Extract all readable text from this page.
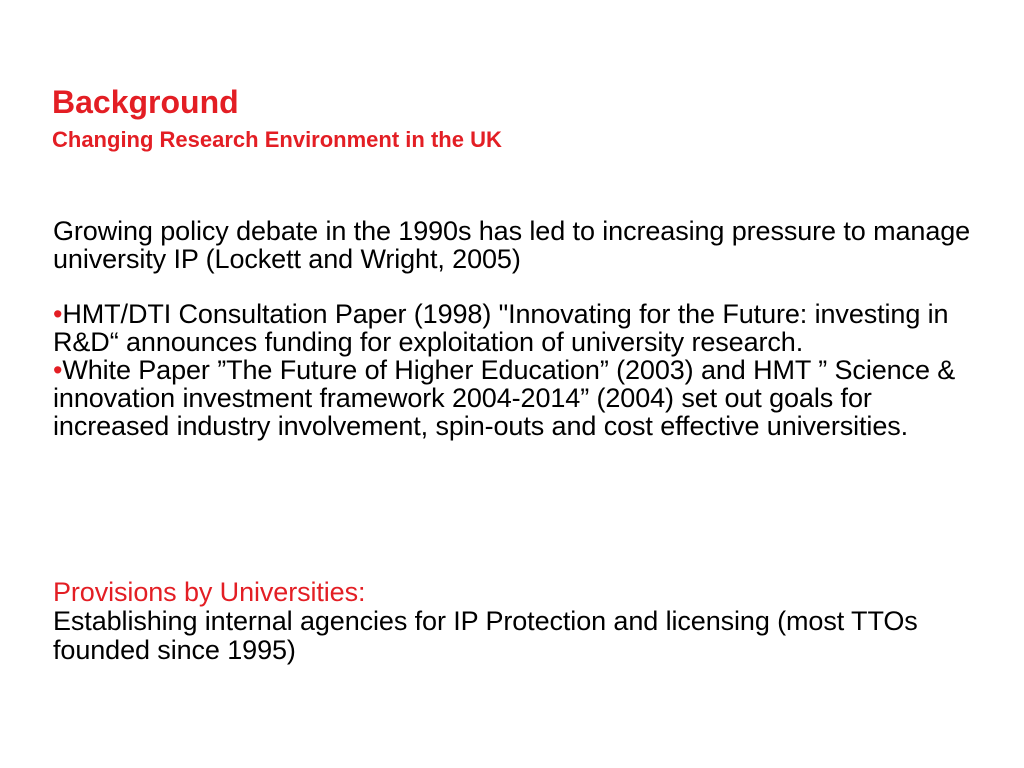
Background
Changing Research Environment in the UK

Growing policy debate in the 1990s has led to increasing pressure to manage university IP (Lockett and Wright, 2005)

•HMT/DTI Consultation Paper (1998) "Innovating for the Future: investing in R&D“ announces funding for exploitation of university research.

•White Paper ”The Future of Higher Education” (2003) and HMT ” Science & innovation investment framework 2004-2014” (2004) set out goals for increased industry involvement, spin-outs and cost effective universities.

Provisions by Universities:

Establishing internal agencies for IP Protection and licensing (most TTOs founded since 1995)
